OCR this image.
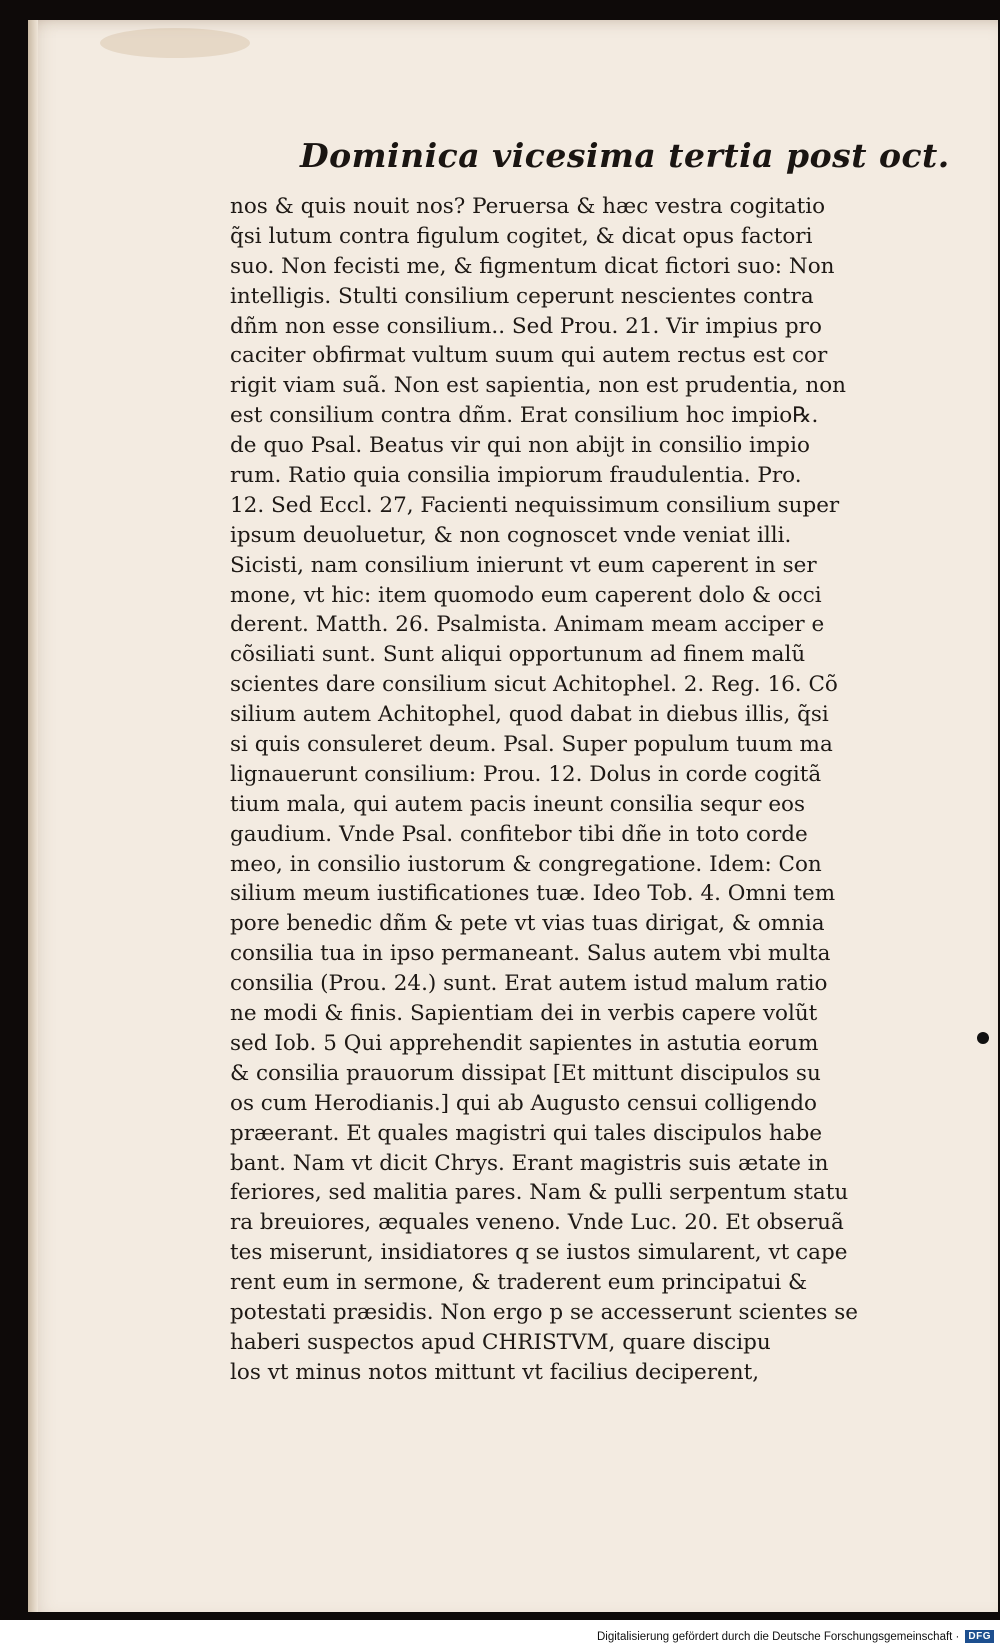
Dominica vicesima tertia post oct.
nos & quis nouit nos? Peruersa & hæc vestra cogitatio
q̃si lutum contra figulum cogitet, & dicat opus factori
suo. Non fecisti me, & figmentum dicat fictori suo: Non
intelligis. Stulti consilium ceperunt nescientes contra
dñm non esse consilium.. Sed Prou. 21. Vir impius pro
caciter obfirmat vultum suum qui autem rectus est cor
rigit viam suã. Non est sapientia, non est prudentia, non
est consilium contra dñm. Erat consilium hoc impio℞.
de quo Psal. Beatus vir qui non abijt in consilio impio
rum. Ratio quia consilia impiorum fraudulentia. Pro.
12. Sed Eccl. 27, Facienti nequissimum consilium super
ipsum deuoluetur, & non cognoscet vnde veniat illi.
Sicisti, nam consilium inierunt vt eum caperent in ser
mone, vt hic: item quomodo eum caperent dolo & occi
derent. Matth. 26. Psalmista. Animam meam acciper e
cõsiliati sunt. Sunt aliqui opportunum ad finem malũ
scientes dare consilium sicut Achitophel. 2. Reg. 16. Cõ
silium autem Achitophel, quod dabat in diebus illis, q̃si
si quis consuleret deum. Psal. Super populum tuum ma
lignauerunt consilium: Prou. 12. Dolus in corde cogitã
tium mala, qui autem pacis ineunt consilia sequr eos
gaudium. Vnde Psal. confitebor tibi dñe in toto corde
meo, in consilio iustorum & congregatione. Idem: Con
silium meum iustificationes tuæ. Ideo Tob. 4. Omni tem
pore benedic dñm & pete vt vias tuas dirigat, & omnia
consilia tua in ipso permaneant. Salus autem vbi multa
consilia (Prou. 24.) sunt. Erat autem istud malum ratio
ne modi & finis. Sapientiam dei in verbis capere volũt
sed Iob. 5 Qui apprehendit sapientes in astutia eorum
& consilia prauorum dissipat [Et mittunt discipulos su
os cum Herodianis.] qui ab Augusto censui colligendo
præerant. Et quales magistri qui tales discipulos habe
bant. Nam vt dicit Chrys. Erant magistris suis ætate in
feriores, sed malitia pares. Nam & pulli serpentum statu
ra breuiores, æquales veneno. Vnde Luc. 20. Et obseruã
tes miserunt, insidiatores q se iustos simularent, vt cape
rent eum in sermone, & traderent eum principatui &
potestati præsidis. Non ergo p se accesserunt scientes se
haberi suspectos apud CHRISTVM, quare discipu
los vt minus notos mittunt vt facilius deciperent,
Digitalisierung gefördert durch die Deutsche Forschungsgemeinschaft · DFG
